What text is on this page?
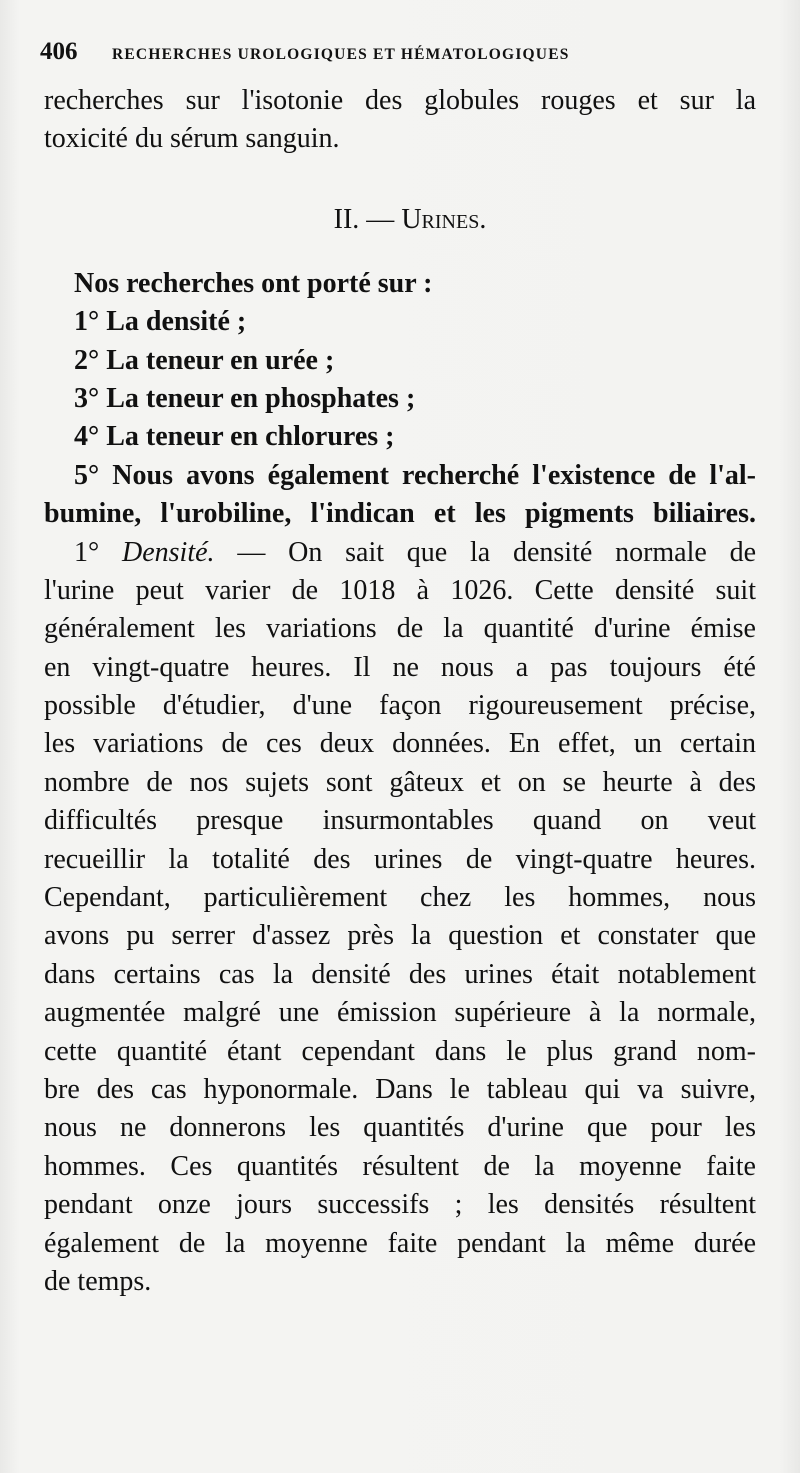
406 RECHERCHES UROLOGIQUES ET HÉMATOLOGIQUES
recherches sur l'isotonie des globules rouges et sur la
toxicité du sérum sanguin.
II. — Urines.
Nos recherches ont porté sur :
1° La densité ;
2° La teneur en urée ;
3° La teneur en phosphates ;
4° La teneur en chlorures ;
5° Nous avons également recherché l'existence de l'al-
bumine, l'urobiline, l'indican et les pigments biliaires.
1° Densité. — On sait que la densité normale de
l'urine peut varier de 1018 à 1026. Cette densité suit
généralement les variations de la quantité d'urine émise
en vingt-quatre heures. Il ne nous a pas toujours été
possible d'étudier, d'une façon rigoureusement précise,
les variations de ces deux données. En effet, un certain
nombre de nos sujets sont gâteux et on se heurte à des
difficultés presque insurmontables quand on veut
recueillir la totalité des urines de vingt-quatre heures.
Cependant, particulièrement chez les hommes, nous
avons pu serrer d'assez près la question et constater que
dans certains cas la densité des urines était notablement
augmentée malgré une émission supérieure à la normale,
cette quantité étant cependant dans le plus grand nom-
bre des cas hyponormale. Dans le tableau qui va suivre,
nous ne donnerons les quantités d'urine que pour les
hommes. Ces quantités résultent de la moyenne faite
pendant onze jours successifs ; les densités résultent
également de la moyenne faite pendant la même durée
de temps.
